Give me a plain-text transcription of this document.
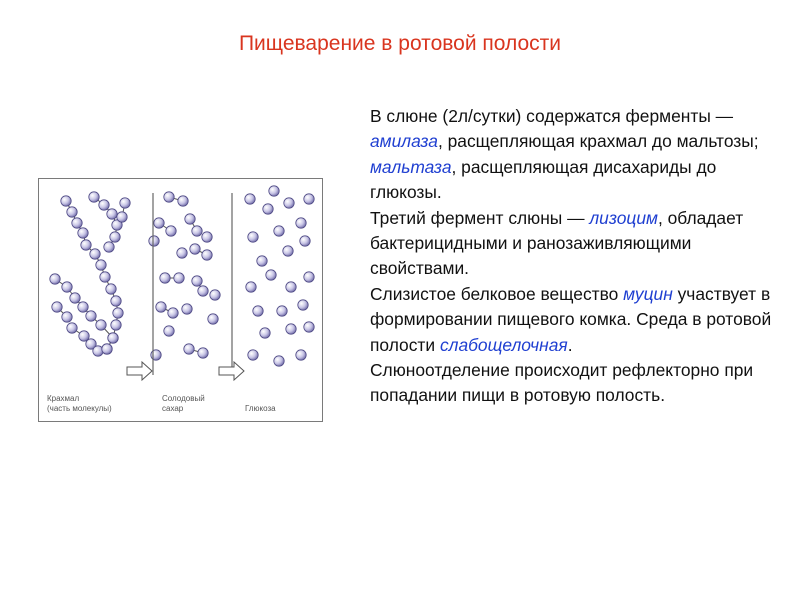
Пищеварение в ротовой полости
Крахмал
(часть молекулы)
Солодовый
сахар	Глюкоза

В слюне (2л/сутки) содержатся ферменты — амилаза, расщепляющая крахмал до мальтозы; мальтаза, расщепляющая дисахариды до глюкозы.

Третий фермент слюны — лизоцим, обладает бактерицидными и ранозаживляющими свойствами.

Слизистое белковое вещество муцин участвует в формировании пищевого комка. Среда в ротовой полости слабощелочная.

Слюноотделение происходит рефлекторно при попадании пищи в ротовую полость.
